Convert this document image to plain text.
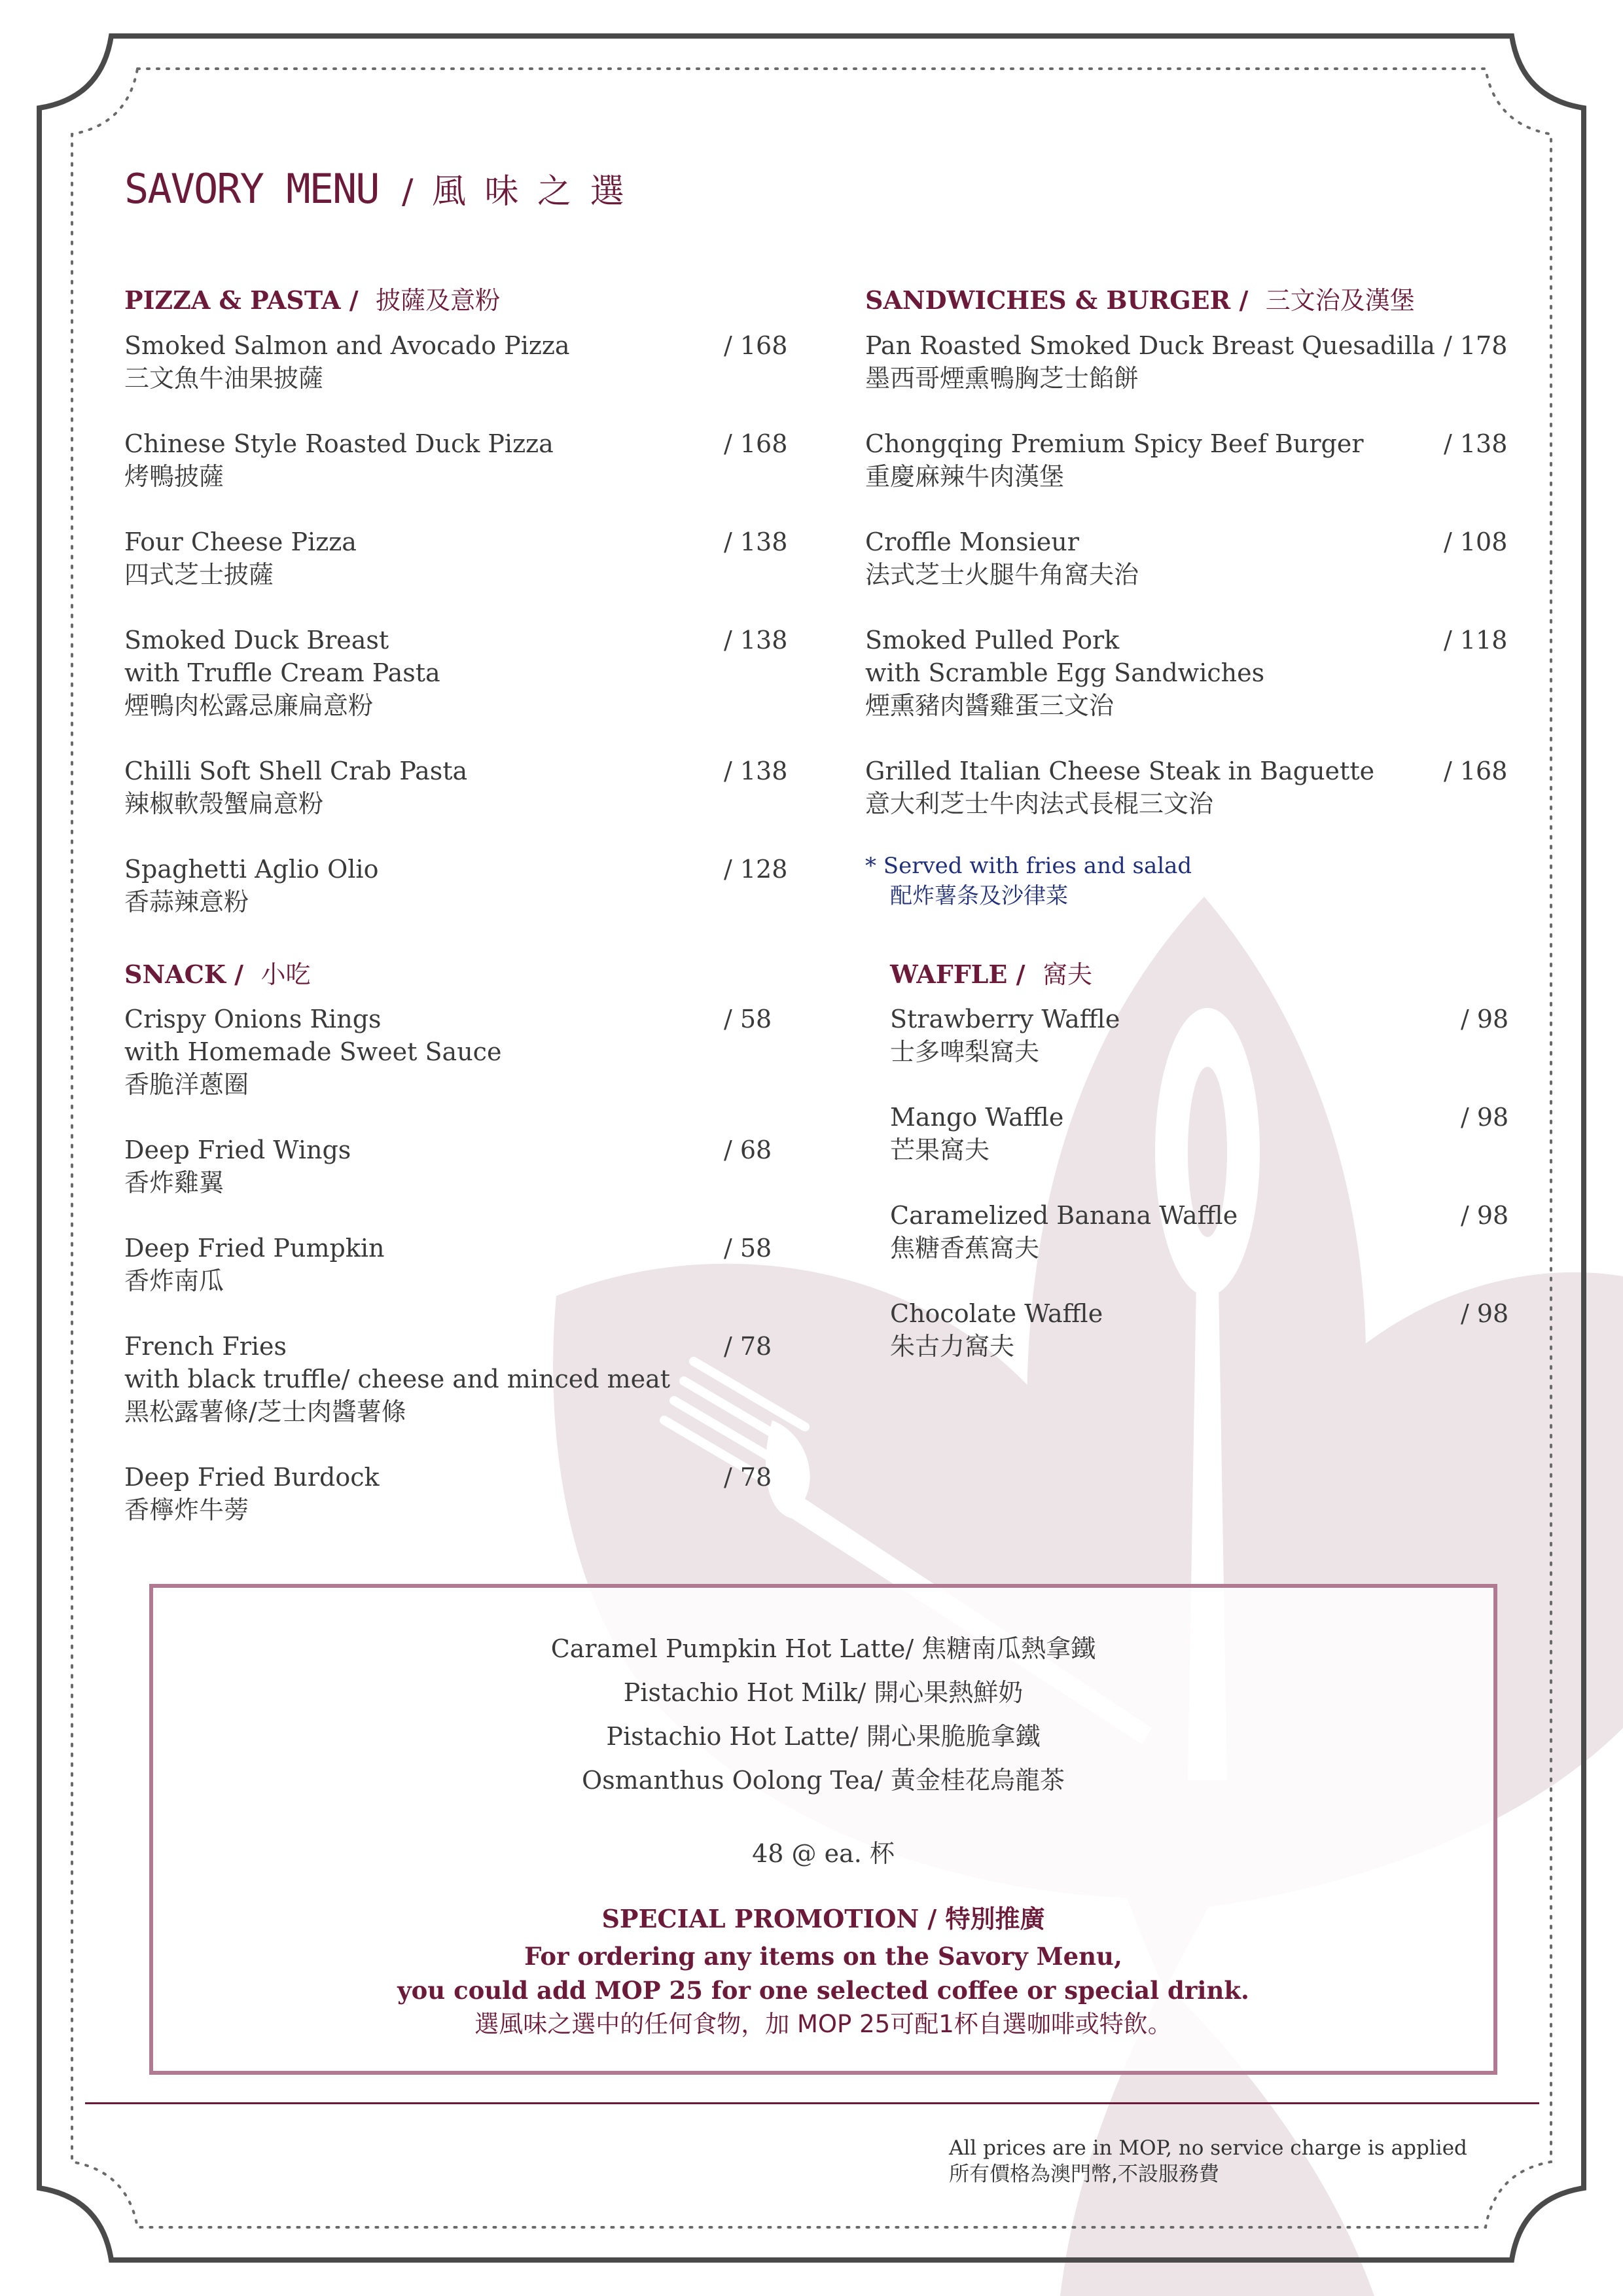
SAVORY MENU / 風 味 之 選
PIZZA & PASTA / 披薩及意粉
Smoked Salmon and Avocado Pizza
三文魚牛油果披薩
/ 168
Chinese Style Roasted Duck Pizza
烤鴨披薩
/ 168
Four Cheese Pizza
四式芝士披薩
/ 138
Smoked Duck Breast
with Truffle Cream Pasta
煙鴨肉松露忌廉扁意粉
/ 138
Chilli Soft Shell Crab Pasta
辣椒軟殼蟹扁意粉
/ 138
Spaghetti Aglio Olio
香蒜辣意粉
/ 128
SNACK / 小吃
Crispy Onions Rings
with Homemade Sweet Sauce
香脆洋蔥圈
/ 58
Deep Fried Wings
香炸雞翼
/ 68
Deep Fried Pumpkin
香炸南瓜
/ 58
French Fries
with black truffle/ cheese and minced meat
黑松露薯條/芝士肉醬薯條
/ 78
Deep Fried Burdock
香檸炸牛蒡
/ 78
SANDWICHES & BURGER / 三文治及漢堡
Pan Roasted Smoked Duck Breast Quesadilla
墨西哥煙熏鴨胸芝士餡餅
/ 178
Chongqing Premium Spicy Beef Burger
重慶麻辣牛肉漢堡
/ 138
Croffle Monsieur
法式芝士火腿牛角窩夫治
/ 108
Smoked Pulled Pork
with Scramble Egg Sandwiches
煙熏豬肉醬雞蛋三文治
/ 118
Grilled Italian Cheese Steak in Baguette
意大利芝士牛肉法式長棍三文治
/ 168
* Served with fries and salad
配炸薯条及沙律菜
WAFFLE / 窩夫
Strawberry Waffle
士多啤梨窩夫
/ 98
Mango Waffle
芒果窩夫
/ 98
Caramelized Banana Waffle
焦糖香蕉窩夫
/ 98
Chocolate Waffle
朱古力窩夫
/ 98
Caramel Pumpkin Hot Latte/ 焦糖南瓜熱拿鐵
Pistachio Hot Milk/ 開心果熱鮮奶
Pistachio Hot Latte/ 開心果脆脆拿鐵
Osmanthus Oolong Tea/ 黃金桂花烏龍茶
48 @ ea. 杯
SPECIAL PROMOTION / 特別推廣
For ordering any items on the Savory Menu,
you could add MOP 25 for one selected coffee or special drink.
選風味之選中的任何食物，加 MOP 25可配1杯自選咖啡或特飲。
All prices are in MOP, no service charge is applied
所有價格為澳門幣,不設服務費
